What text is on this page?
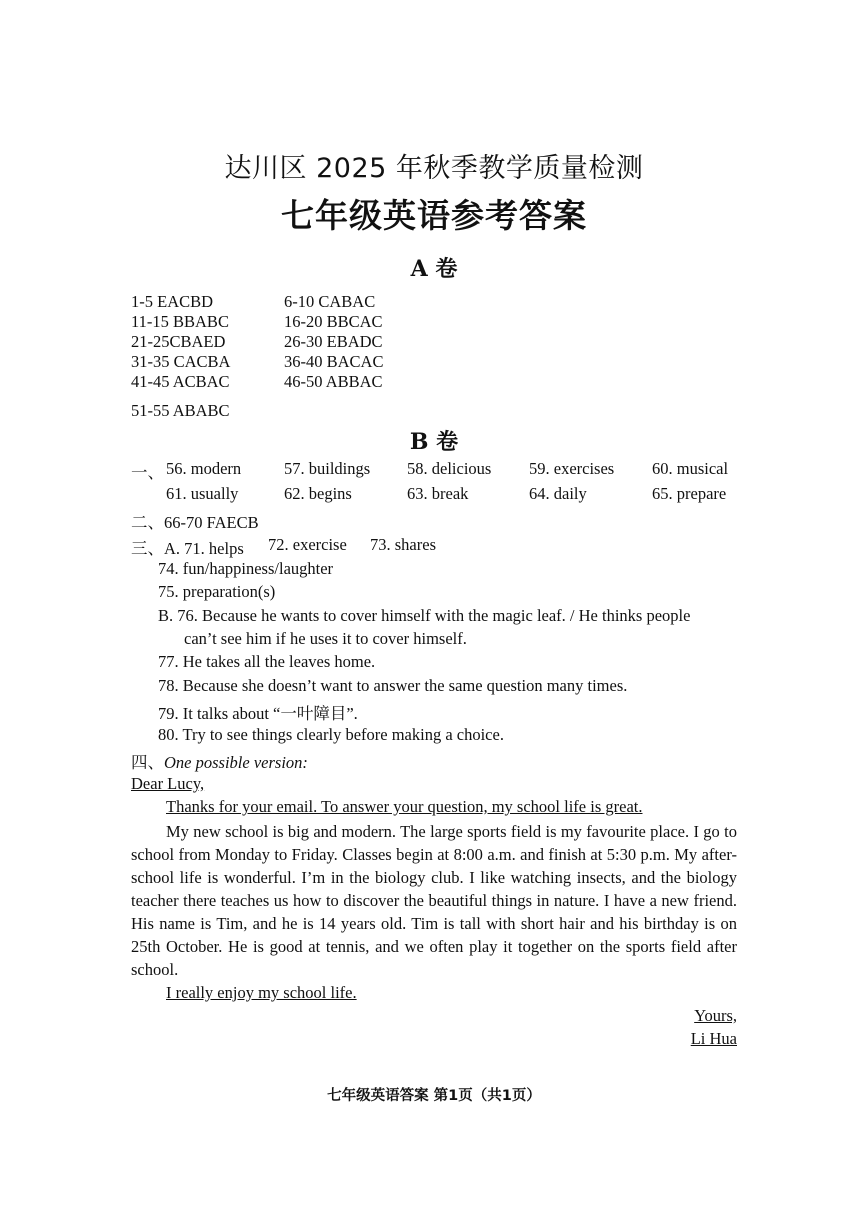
达川区 2025 年秋季教学质量检测
七年级英语参考答案
A 卷
1-5 EACBD	6-10 CABAC
11-15 BBABC	16-20 BBCAC
21-25CBAED	26-30 EBADC
31-35 CACBA	36-40 BACAC
41-45 ACBAC	46-50 ABBAC
51-55 ABABC
B 卷
一、 56. modern	57. buildings 58. delicious 59. exercises 60. musical
61. usually	62. begins	63. break	64. daily	65. prepare
二、66-70 FAECB
三、A. 71. helps 72. exercise 73. shares
74. fun/happiness/laughter
75. preparation(s)
B. 76. Because he wants to cover himself with the magic leaf. / He thinks people
can’t see him if he uses it to cover himself.
77. He takes all the leaves home.
78. Because she doesn’t want to answer the same question many times.
79. It talks about “一叶障目”.
80. Try to see things clearly before making a choice.
四、One possible version:
Dear Lucy,
Thanks for your email. To answer your question, my school life is great.
My new school is big and modern. The large sports field is my favourite place. I go to school from Monday to Friday. Classes begin at 8:00 a.m. and finish at 5:30 p.m. My after-school life is wonderful. I’m in the biology club. I like watching insects, and the biology teacher there teaches us how to discover the beautiful things in nature. I have a new friend. His name is Tim, and he is 14 years old. Tim is tall with short hair and his birthday is on 25th October. He is good at tennis, and we often play it together on the sports field after school.
I really enjoy my school life.
Yours,
Li Hua
七年级英语答案 第1页（共1页）
